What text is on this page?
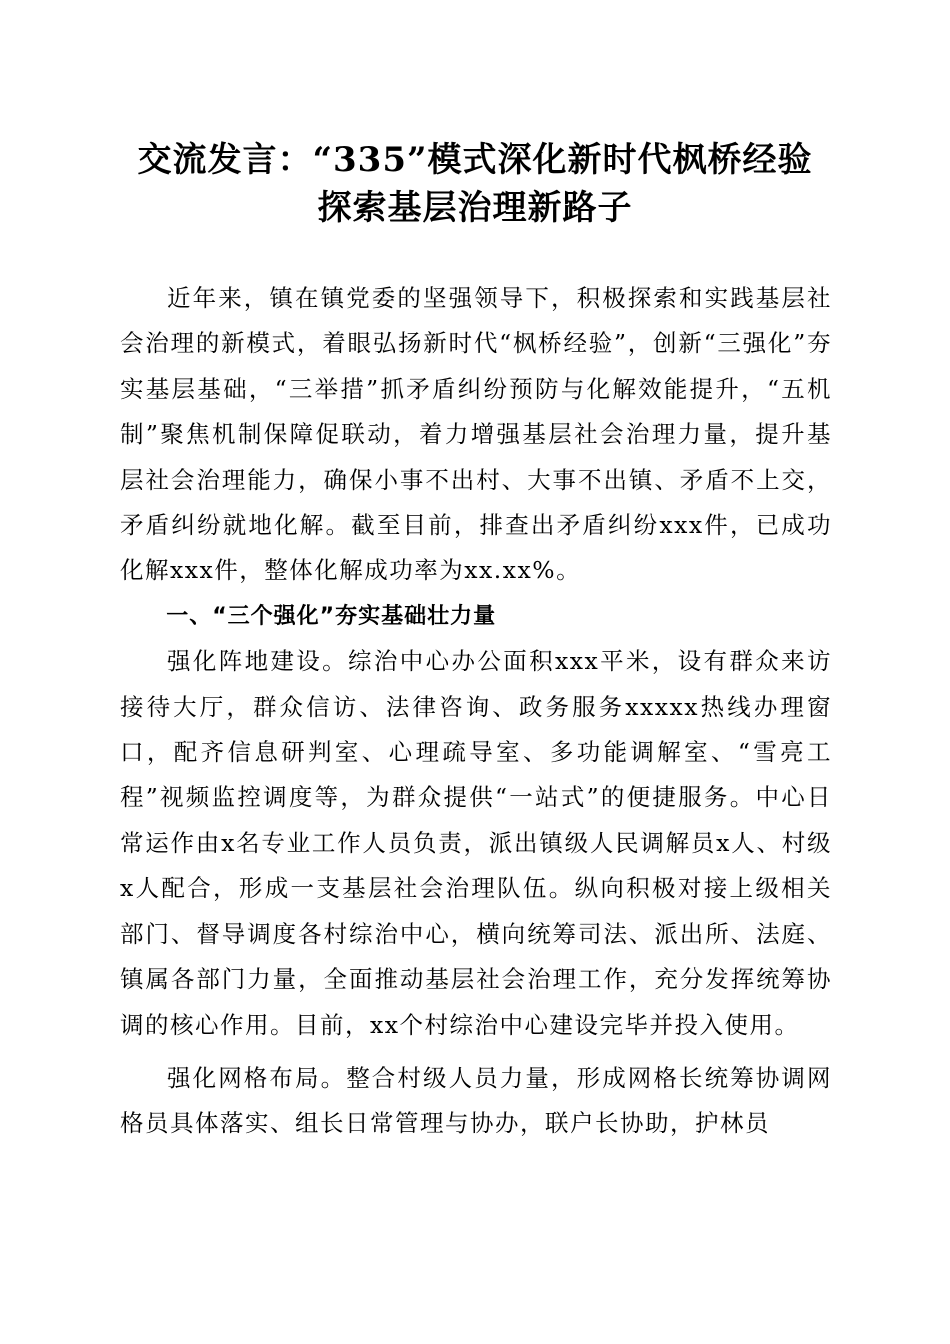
交流发言：“335”模式深化新时代枫桥经验
探索基层治理新路子

近年来，镇在镇党委的坚强领导下，积极探索和实践基层社会治理的新模式，着眼弘扬新时代“枫桥经验”，创新“三强化”夯实基层基础，“三举措”抓矛盾纠纷预防与化解效能提升，“五机制”聚焦机制保障促联动，着力增强基层社会治理力量，提升基层社会治理能力，确保小事不出村、大事不出镇、矛盾不上交，矛盾纠纷就地化解。截至目前，排查出矛盾纠纷xxx件，已成功化解xxx件，整体化解成功率为xx.xx%。

一、“三个强化”夯实基础壮力量

强化阵地建设。综治中心办公面积xxx平米，设有群众来访接待大厅，群众信访、法律咨询、政务服务xxxxx热线办理窗口，配齐信息研判室、心理疏导室、多功能调解室、“雪亮工程”视频监控调度等，为群众提供“一站式”的便捷服务。中心日常运作由x名专业工作人员负责，派出镇级人民调解员x人、村级x人配合，形成一支基层社会治理队伍。纵向积极对接上级相关部门、督导调度各村综治中心，横向统筹司法、派出所、法庭、镇属各部门力量，全面推动基层社会治理工作，充分发挥统筹协调的核心作用。目前，xx个村综治中心建设完毕并投入使用。

强化网格布局。整合村级人员力量，形成网格长统筹协调网格员具体落实、组长日常管理与协办，联户长协助，护林员
